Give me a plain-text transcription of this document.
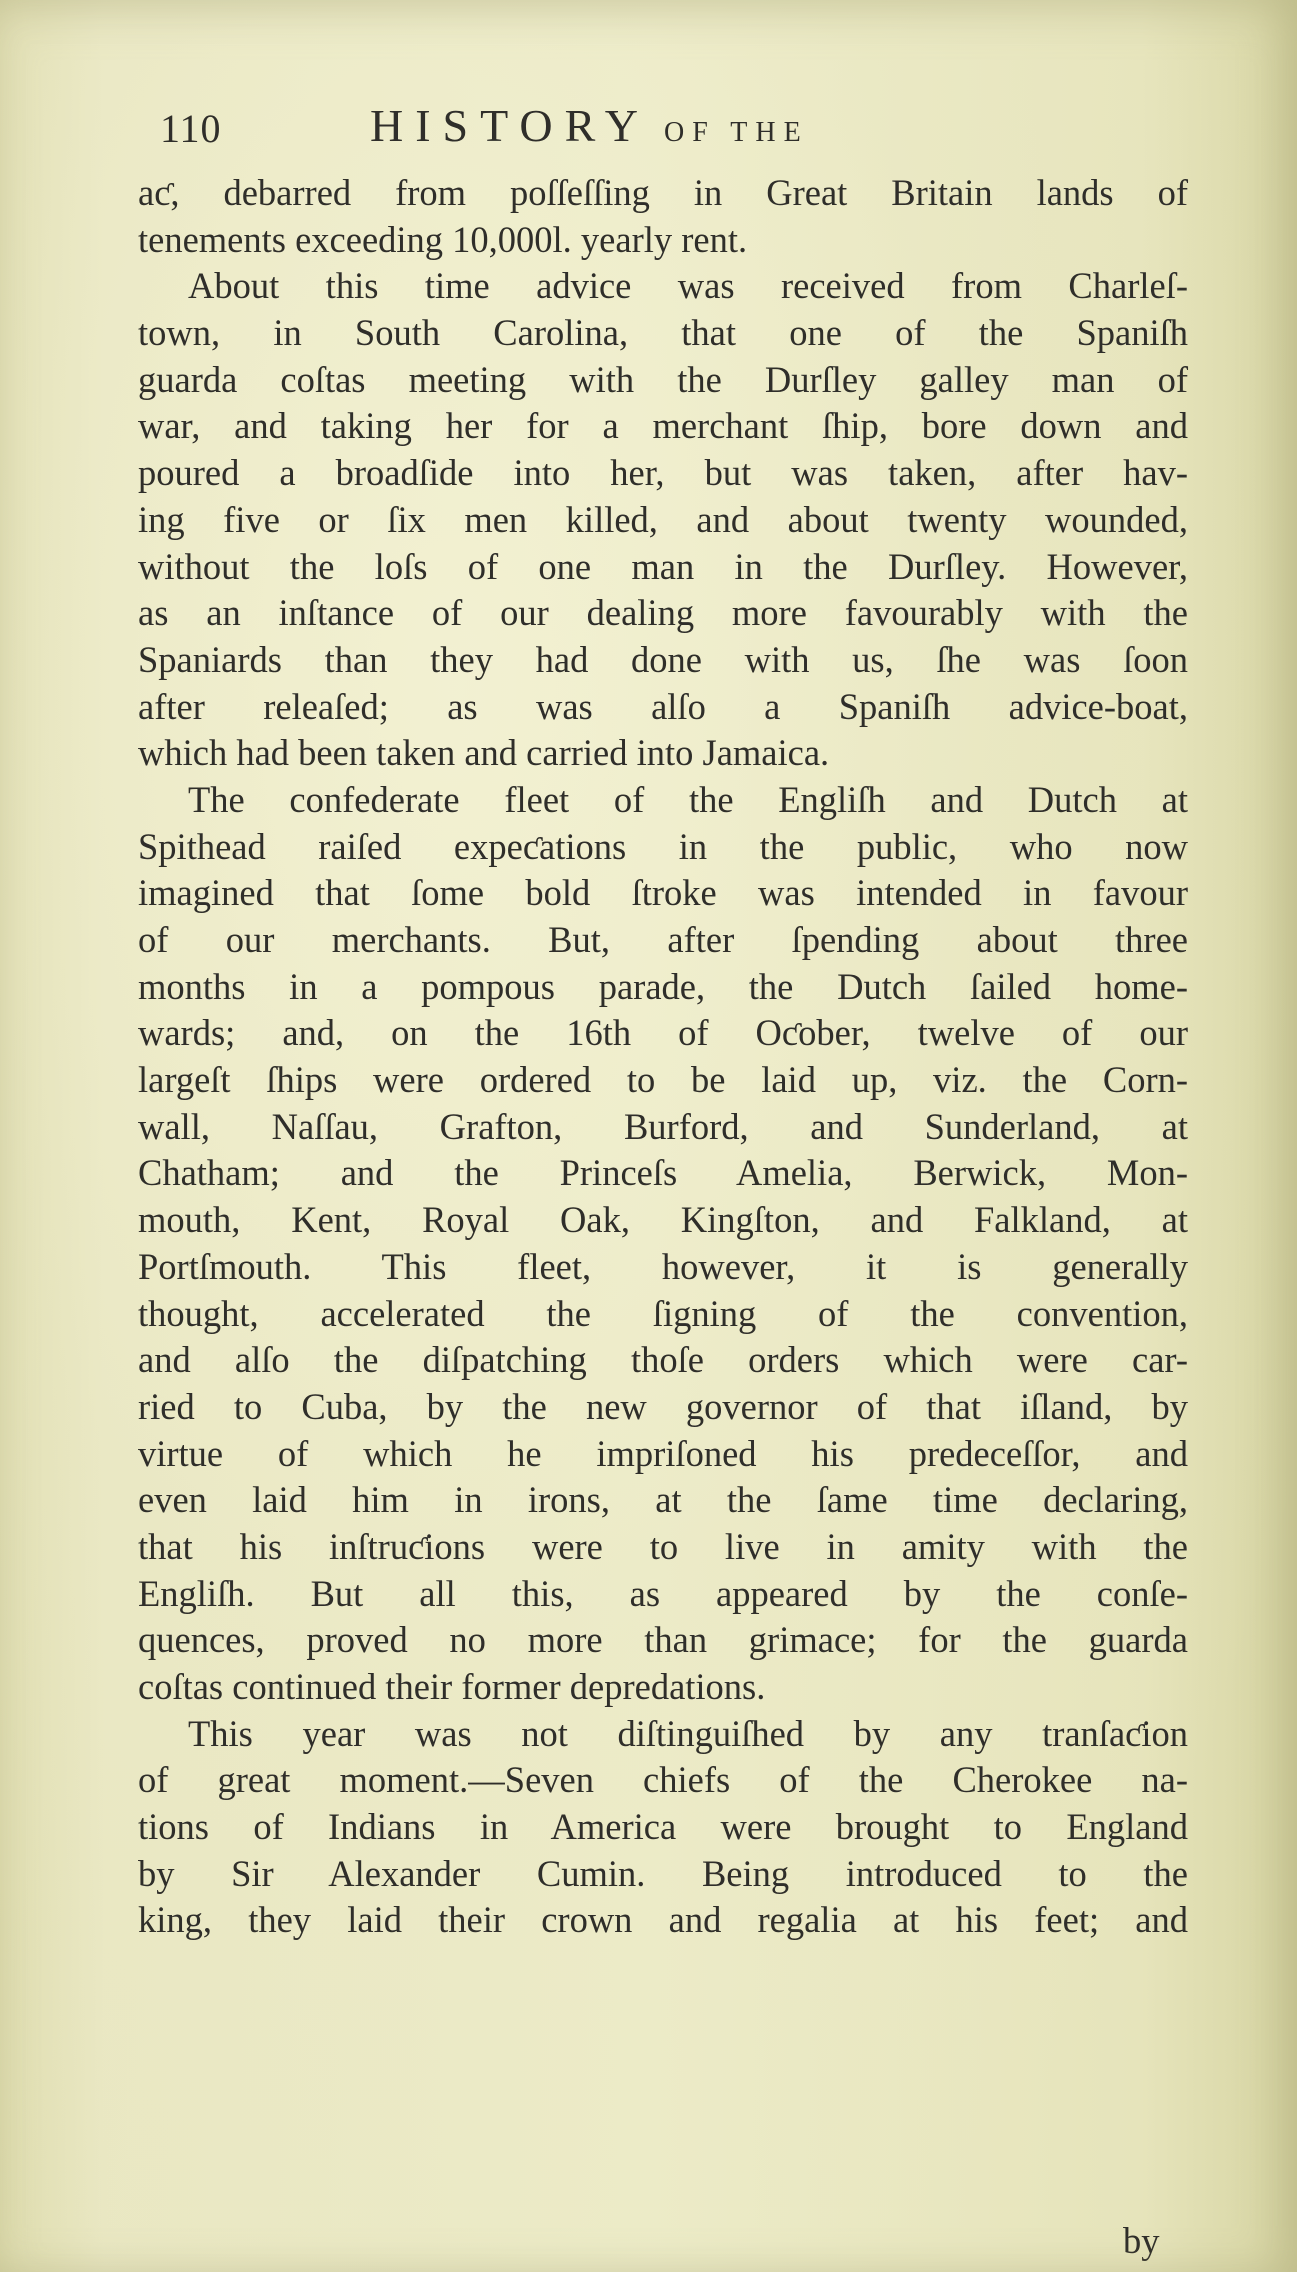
110	HISTORY OF THE
aƈ, debarred from poſſeſſing in Great Britain lands of
tenements exceeding 10,000l. yearly rent.
About this time advice was received from Charleſ-
town, in South Carolina, that one of the Spaniſh
guarda coſtas meeting with the Durſley galley man of
war, and taking her for a merchant ſhip, bore down and
poured a broadſide into her, but was taken, after hav-
ing five or ſix men killed, and about twenty wounded,
without the loſs of one man in the Durſley. However,
as an inſtance of our dealing more favourably with the
Spaniards than they had done with us, ſhe was ſoon
after releaſed; as was alſo a Spaniſh advice-boat,
which had been taken and carried into Jamaica.
The confederate fleet of the Engliſh and Dutch at
Spithead raiſed expeƈations in the public, who now
imagined that ſome bold ſtroke was intended in favour
of our merchants. But, after ſpending about three
months in a pompous parade, the Dutch ſailed home-
wards; and, on the 16th of Oƈober, twelve of our
largeſt ſhips were ordered to be laid up, viz. the Corn-
wall, Naſſau, Grafton, Burford, and Sunderland, at
Chatham; and the Princeſs Amelia, Berwick, Mon-
mouth, Kent, Royal Oak, Kingſton, and Falkland, at
Portſmouth. This fleet, however, it is generally
thought, accelerated the ſigning of the convention,
and alſo the diſpatching thoſe orders which were car-
ried to Cuba, by the new governor of that iſland, by
virtue of which he impriſoned his predeceſſor, and
even laid him in irons, at the ſame time declaring,
that his inſtruƈions were to live in amity with the
Engliſh. But all this, as appeared by the conſe-
quences, proved no more than grimace; for the guarda
coſtas continued their former depredations.
This year was not diſtinguiſhed by any tranſaƈion
of great moment.—Seven chiefs of the Cherokee na-
tions of Indians in America were brought to England
by Sir Alexander Cumin. Being introduced to the
king, they laid their crown and regalia at his feet; and
by
